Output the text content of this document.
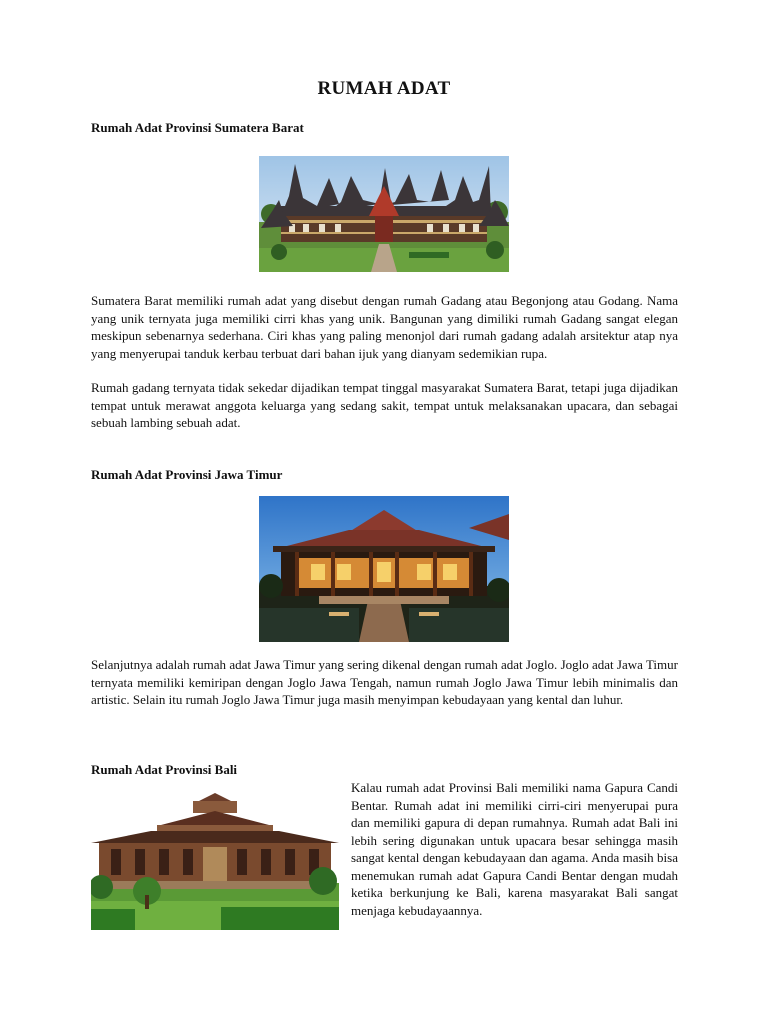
RUMAH ADAT
Rumah Adat Provinsi Sumatera Barat
Sumatera Barat memiliki rumah adat yang disebut dengan rumah Gadang atau Begonjong atau Godang. Nama yang unik ternyata juga memiliki cirri khas yang unik. Bangunan yang dimiliki rumah Gadang sangat elegan meskipun sebenarnya sederhana. Ciri khas yang paling menonjol dari rumah gadang adalah arsitektur atap nya yang menyerupai tanduk kerbau terbuat dari bahan ijuk yang dianyam sedemikian rupa.
Rumah gadang ternyata tidak sekedar dijadikan tempat tinggal masyarakat Sumatera Barat, tetapi juga dijadikan tempat untuk merawat anggota keluarga yang sedang sakit, tempat untuk melaksanakan upacara, dan sebagai sebuah lambing sebuah adat.
Rumah Adat Provinsi Jawa Timur
Selanjutnya adalah rumah adat Jawa Timur yang sering dikenal dengan rumah adat Joglo. Joglo adat Jawa Timur ternyata memiliki kemiripan dengan Joglo Jawa Tengah, namun rumah Joglo Jawa Timur lebih minimalis dan artistic. Selain itu rumah Joglo Jawa Timur juga masih menyimpan kebudayaan yang kental dan luhur.
Rumah Adat Provinsi Bali
Kalau rumah adat Provinsi Bali memiliki nama Gapura Candi Bentar. Rumah adat ini memiliki cirri-ciri menyerupai pura dan memiliki gapura di depan rumahnya. Rumah adat Bali ini lebih sering digunakan untuk upacara besar sehingga masih sangat kental dengan kebudayaan dan agama. Anda masih bisa menemukan rumah adat Gapura Candi Bentar dengan mudah ketika berkunjung ke Bali, karena masyarakat Bali sangat menjaga kebudayaannya.
